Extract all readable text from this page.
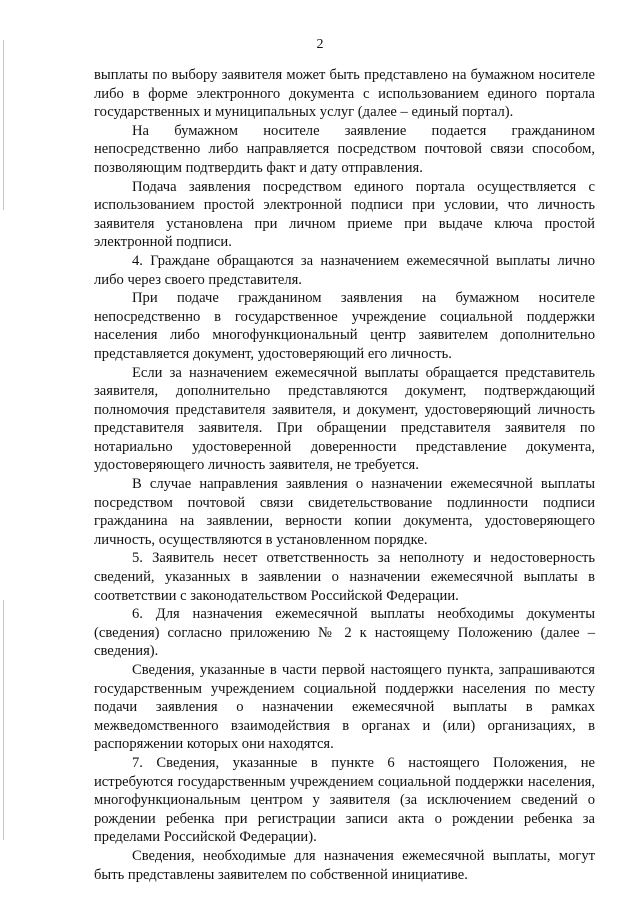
2

выплаты по выбору заявителя может быть представлено на бумажном носителе либо в форме электронного документа с использованием единого портала государственных и муниципальных услуг (далее – единый портал).

На бумажном носителе заявление подается гражданином непосредственно либо направляется посредством почтовой связи способом, позволяющим подтвердить факт и дату отправления.

Подача заявления посредством единого портала осуществляется с использованием простой электронной подписи при условии, что личность заявителя установлена при личном приеме при выдаче ключа простой электронной подписи.

4. Граждане обращаются за назначением ежемесячной выплаты лично либо через своего представителя.

При подаче гражданином заявления на бумажном носителе непосредственно в государственное учреждение социальной поддержки населения либо многофункциональный центр заявителем дополнительно представляется документ, удостоверяющий его личность.

Если за назначением ежемесячной выплаты обращается представитель заявителя, дополнительно представляются документ, подтверждающий полномочия представителя заявителя, и документ, удостоверяющий личность представителя заявителя. При обращении представителя заявителя по нотариально удостоверенной доверенности представление документа, удостоверяющего личность заявителя, не требуется.

В случае направления заявления о назначении ежемесячной выплаты посредством почтовой связи свидетельствование подлинности подписи гражданина на заявлении, верности копии документа, удостоверяющего личность, осуществляются в установленном порядке.

5. Заявитель несет ответственность за неполноту и недостоверность сведений, указанных в заявлении о назначении ежемесячной выплаты в соответствии с законодательством Российской Федерации.

6. Для назначения ежемесячной выплаты необходимы документы (сведения) согласно приложению № 2 к настоящему Положению (далее – сведения).

Сведения, указанные в части первой настоящего пункта, запрашиваются государственным учреждением социальной поддержки населения по месту подачи заявления о назначении ежемесячной выплаты в рамках межведомственного взаимодействия в органах и (или) организациях, в распоряжении которых они находятся.

7. Сведения, указанные в пункте 6 настоящего Положения, не истребуются государственным учреждением социальной поддержки населения, многофункциональным центром у заявителя (за исключением сведений о рождении ребенка при регистрации записи акта о рождении ребенка за пределами Российской Федерации).

Сведения, необходимые для назначения ежемесячной выплаты, могут быть представлены заявителем по собственной инициативе.
